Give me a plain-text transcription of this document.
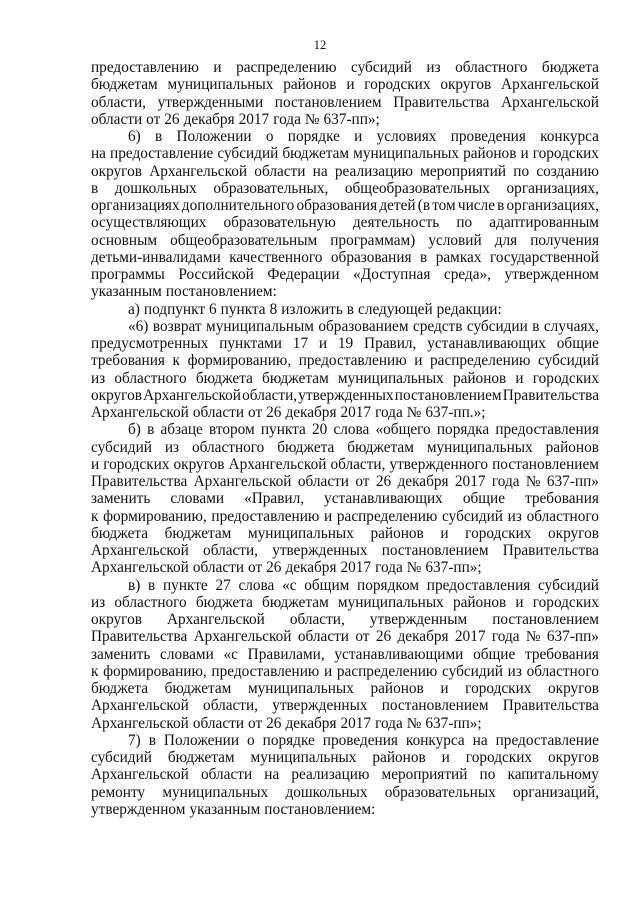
12
предоставлению и распределению субсидий из областного бюджета
бюджетам муниципальных районов и городских округов Архангельской
области, утвержденными постановлением Правительства Архангельской
области от 26 декабря 2017 года № 637-пп»;
6) в Положении о порядке и условиях проведения конкурса
на предоставление субсидий бюджетам муниципальных районов и городских
округов Архангельской области на реализацию мероприятий по созданию
в дошкольных образовательных, общеобразовательных организациях,
организациях дополнительного образования детей (в том числе в организациях,
осуществляющих образовательную деятельность по адаптированным
основным общеобразовательным программам) условий для получения
детьми-инвалидами качественного образования в рамках государственной
программы Российской Федерации «Доступная среда», утвержденном
указанным постановлением:
а) подпункт 6 пункта 8 изложить в следующей редакции:
«6) возврат муниципальным образованием средств субсидии в случаях,
предусмотренных пунктами 17 и 19 Правил, устанавливающих общие
требования к формированию, предоставлению и распределению субсидий
из областного бюджета бюджетам муниципальных районов и городских
округов Архангельской области, утвержденных постановлением Правительства
Архангельской области от 26 декабря 2017 года № 637-пп.»;
б) в абзаце втором пункта 20 слова «общего порядка предоставления
субсидий из областного бюджета бюджетам муниципальных районов
и городских округов Архангельской области, утвержденного постановлением
Правительства Архангельской области от 26 декабря 2017 года № 637-пп»
заменить словами «Правил, устанавливающих общие требования
к формированию, предоставлению и распределению субсидий из областного
бюджета бюджетам муниципальных районов и городских округов
Архангельской области, утвержденных постановлением Правительства
Архангельской области от 26 декабря 2017 года № 637-пп»;
в) в пункте 27 слова «с общим порядком предоставления субсидий
из областного бюджета бюджетам муниципальных районов и городских
округов Архангельской области, утвержденным постановлением
Правительства Архангельской области от 26 декабря 2017 года № 637-пп»
заменить словами «с Правилами, устанавливающими общие требования
к формированию, предоставлению и распределению субсидий из областного
бюджета бюджетам муниципальных районов и городских округов
Архангельской области, утвержденных постановлением Правительства
Архангельской области от 26 декабря 2017 года № 637-пп»;
7) в Положении о порядке проведения конкурса на предоставление
субсидий бюджетам муниципальных районов и городских округов
Архангельской области на реализацию мероприятий по капитальному
ремонту муниципальных дошкольных образовательных организаций,
утвержденном указанным постановлением:
